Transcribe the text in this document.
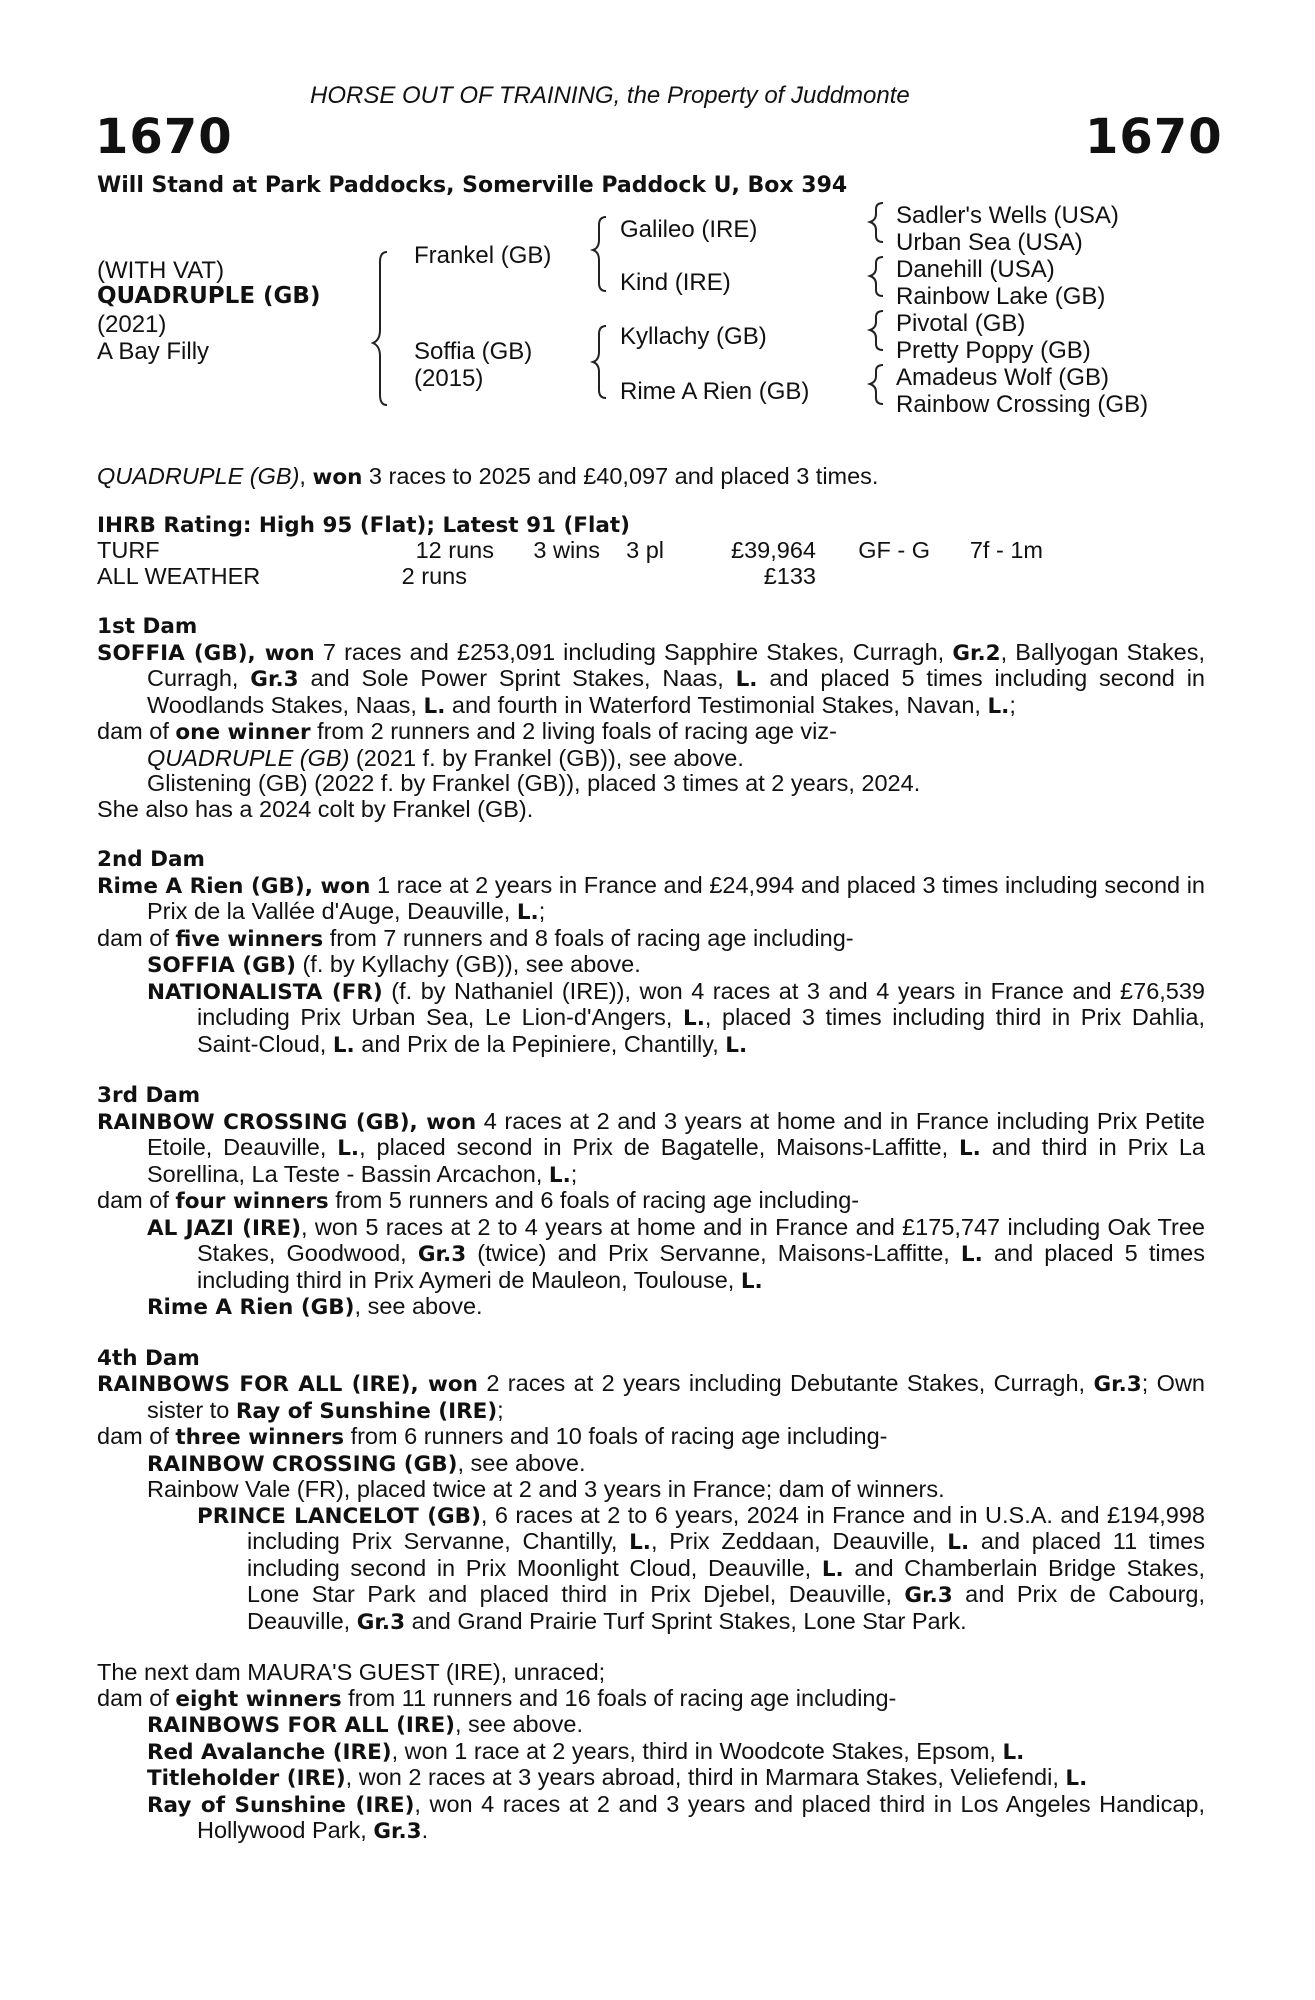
HORSE OUT OF TRAINING, the Property of Juddmonte
1670	1670
Will Stand at Park Paddocks, Somerville Paddock U, Box 394
(WITH VAT)
QUADRUPLE (GB)
(2021)
A Bay Filly
Frankel (GB)
Soffia (GB)
(2015)
Galileo (IRE)
Kind (IRE)
Kyllachy (GB)
Rime A Rien (GB)
Sadler's Wells (USA)
Urban Sea (USA)
Danehill (USA)
Rainbow Lake (GB)
Pivotal (GB)
Pretty Poppy (GB)
Amadeus Wolf (GB)
Rainbow Crossing (GB)
QUADRUPLE (GB), won 3 races to 2025 and £40,097 and placed 3 times.
IHRB Rating: High 95 (Flat); Latest 91 (Flat)
TURF	12 runs	3 wins	3 pl	£39,964	GF - G	7f - 1m
ALL WEATHER	2 runs			£133		

1st Dam

SOFFIA (GB), won 7 races and £253,091 including Sapphire Stakes, Curragh, Gr.2, Ballyogan Stakes, Curragh, Gr.3 and Sole Power Sprint Stakes, Naas, L. and placed 5 times including second in Woodlands Stakes, Naas, L. and fourth in Waterford Testimonial Stakes, Navan, L.;

dam of one winner from 2 runners and 2 living foals of racing age viz-

QUADRUPLE (GB) (2021 f. by Frankel (GB)), see above.

Glistening (GB) (2022 f. by Frankel (GB)), placed 3 times at 2 years, 2024.

She also has a 2024 colt by Frankel (GB).

2nd Dam

Rime A Rien (GB), won 1 race at 2 years in France and £24,994 and placed 3 times including second in Prix de la Vallée d'Auge, Deauville, L.;

dam of five winners from 7 runners and 8 foals of racing age including-

SOFFIA (GB) (f. by Kyllachy (GB)), see above.

NATIONALISTA (FR) (f. by Nathaniel (IRE)), won 4 races at 3 and 4 years in France and £76,539 including Prix Urban Sea, Le Lion-d'Angers, L., placed 3 times including third in Prix Dahlia, Saint-Cloud, L. and Prix de la Pepiniere, Chantilly, L.

3rd Dam

RAINBOW CROSSING (GB), won 4 races at 2 and 3 years at home and in France including Prix Petite Etoile, Deauville, L., placed second in Prix de Bagatelle, Maisons-Laffitte, L. and third in Prix La Sorellina, La Teste - Bassin Arcachon, L.;

dam of four winners from 5 runners and 6 foals of racing age including-

AL JAZI (IRE), won 5 races at 2 to 4 years at home and in France and £175,747 including Oak Tree Stakes, Goodwood, Gr.3 (twice) and Prix Servanne, Maisons-Laffitte, L. and placed 5 times including third in Prix Aymeri de Mauleon, Toulouse, L.

Rime A Rien (GB), see above.

4th Dam

RAINBOWS FOR ALL (IRE), won 2 races at 2 years including Debutante Stakes, Curragh, Gr.3; Own sister to Ray of Sunshine (IRE);

dam of three winners from 6 runners and 10 foals of racing age including-

RAINBOW CROSSING (GB), see above.

Rainbow Vale (FR), placed twice at 2 and 3 years in France; dam of winners.

PRINCE LANCELOT (GB), 6 races at 2 to 6 years, 2024 in France and in U.S.A. and £194,998 including Prix Servanne, Chantilly, L., Prix Zeddaan, Deauville, L. and placed 11 times including second in Prix Moonlight Cloud, Deauville, L. and Chamberlain Bridge Stakes, Lone Star Park and placed third in Prix Djebel, Deauville, Gr.3 and Prix de Cabourg, Deauville, Gr.3 and Grand Prairie Turf Sprint Stakes, Lone Star Park.

The next dam MAURA'S GUEST (IRE), unraced;

dam of eight winners from 11 runners and 16 foals of racing age including-

RAINBOWS FOR ALL (IRE), see above.

Red Avalanche (IRE), won 1 race at 2 years, third in Woodcote Stakes, Epsom, L.

Titleholder (IRE), won 2 races at 3 years abroad, third in Marmara Stakes, Veliefendi, L.

Ray of Sunshine (IRE), won 4 races at 2 and 3 years and placed third in Los Angeles Handicap, Hollywood Park, Gr.3.
